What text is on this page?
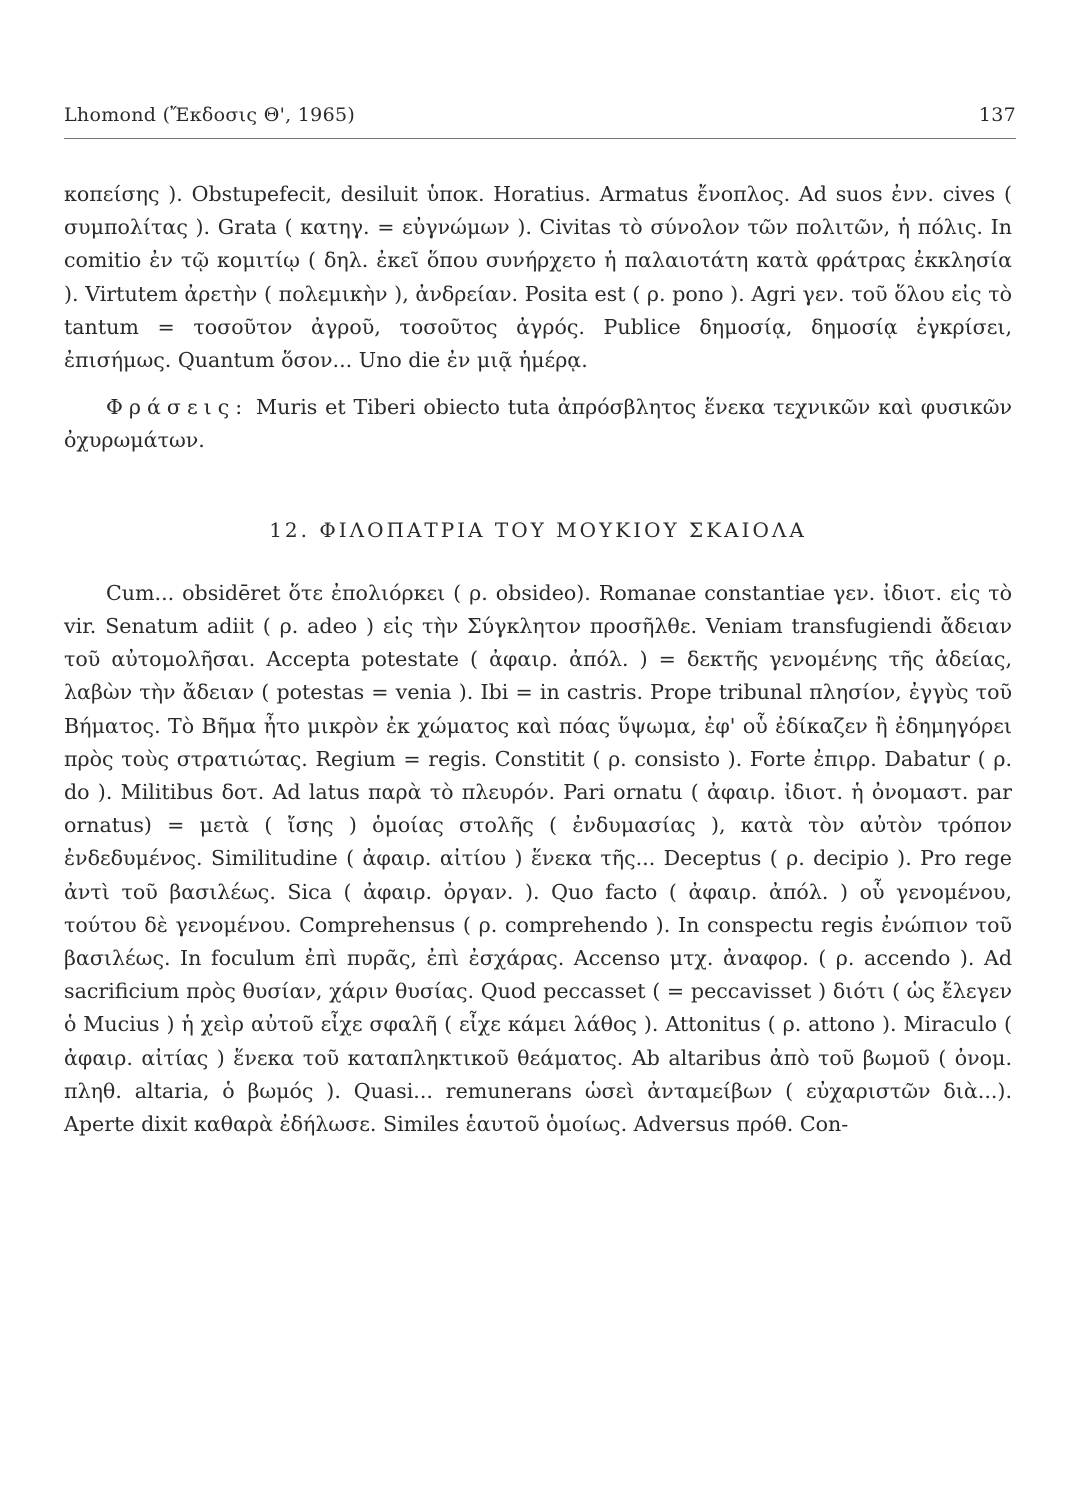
Lhomond (Ἔκδοσις Θ', 1965)	137

κοπείσης ). Obstupefecit, desiluit ὑποκ. Horatius. Armatus ἔνοπλος. Ad suos ἐνν. cives ( συμπολίτας ). Grata ( κατηγ. = εὐγνώμων ). Civitas τὸ σύνολον τῶν πολιτῶν, ἡ πόλις. In comitio ἐν τῷ κομιτίῳ ( δηλ. ἐκεῖ ὅπου συνήρχετο ἡ παλαιοτάτη κατὰ φράτρας ἐκκλησία ). Virtutem ἀρετὴν ( πολεμικὴν ), ἀνδρείαν. Posita est ( ρ. pono ). Agri γεν. τοῦ ὅλου εἰς τὸ tantum = τοσοῦτον ἀγροῦ, τοσοῦτος ἀγρός. Publice δημοσίᾳ, δημοσίᾳ ἐγκρίσει, ἐπισήμως. Quantum ὅσον... Uno die ἐν μιᾷ ἡμέρᾳ.

Φράσεις: Muris et Tiberi obiecto tuta ἀπρόσβλητος ἕνεκα τεχνικῶν καὶ φυσικῶν ὀχυρωμάτων.

12. ΦΙΛΟΠΑΤΡΙΑ ΤΟΥ ΜΟΥΚΙΟΥ ΣΚΑΙΟΛΑ

Cum... obsidēret ὅτε ἐπολιόρκει ( ρ. obsideo). Romanae constantiae γεν. ἰδιοτ. εἰς τὸ vir. Senatum adiit ( ρ. adeo ) εἰς τὴν Σύγκλητον προσῆλθε. Veniam transfugiendi ἄδειαν τοῦ αὐτομολῆσαι. Accepta potestate ( ἀφαιρ. ἀπόλ. ) = δεκτῆς γενομένης τῆς ἀδείας, λαβὼν τὴν ἄδειαν ( potestas = venia ). Ibi = in castris. Prope tribunal πλησίον, ἐγγὺς τοῦ Βήματος. Τὸ Βῆμα ἦτο μικρὸν ἐκ χώματος καὶ πόας ὕψωμα, ἐφ' οὗ ἐδίκαζεν ἢ ἐδημηγόρει πρὸς τοὺς στρατιώτας. Regium = regis. Constitit ( ρ. consisto ). Forte ἐπιρρ. Dabatur ( ρ. do ). Militibus δοτ. Ad latus παρὰ τὸ πλευρόν. Pari ornatu ( ἀφαιρ. ἰδιοτ. ἡ ὀνομαστ. par ornatus) = μετὰ ( ἴσης ) ὁμοίας στολῆς ( ἐνδυμασίας ), κατὰ τὸν αὐτὸν τρόπον ἐνδεδυμένος. Similitudine ( ἀφαιρ. αἰτίου ) ἕνεκα τῆς... Deceptus ( ρ. decipio ). Pro rege ἀντὶ τοῦ βασιλέως. Sica ( ἀφαιρ. ὀργαν. ). Quo facto ( ἀφαιρ. ἀπόλ. ) οὗ γενομένου, τούτου δὲ γενομένου. Comprehensus ( ρ. comprehendo ). In conspectu regis ἐνώπιον τοῦ βασιλέως. In foculum ἐπὶ πυρᾶς, ἐπὶ ἐσχάρας. Accenso μτχ. ἀναφορ. ( ρ. accendo ). Ad sacrificium πρὸς θυσίαν, χάριν θυσίας. Quod peccasset ( = peccavisset ) διότι ( ὡς ἔλεγεν ὁ Mucius ) ἡ χεὶρ αὐτοῦ εἶχε σφαλῆ ( εἶχε κάμει λάθος ). Attonitus ( ρ. attono ). Miraculo ( ἀφαιρ. αἰτίας ) ἕνεκα τοῦ καταπληκτικοῦ θεάματος. Ab altaribus ἀπὸ τοῦ βωμοῦ ( ὀνομ. πληθ. altaria, ὁ βωμός ). Quasi... remunerans ὡσεὶ ἀνταμείβων ( εὐχαριστῶν διὰ...). Aperte dixit καθαρὰ ἐδήλωσε. Similes ἑαυτοῦ ὁμοίως. Adversus πρόθ. Con-
